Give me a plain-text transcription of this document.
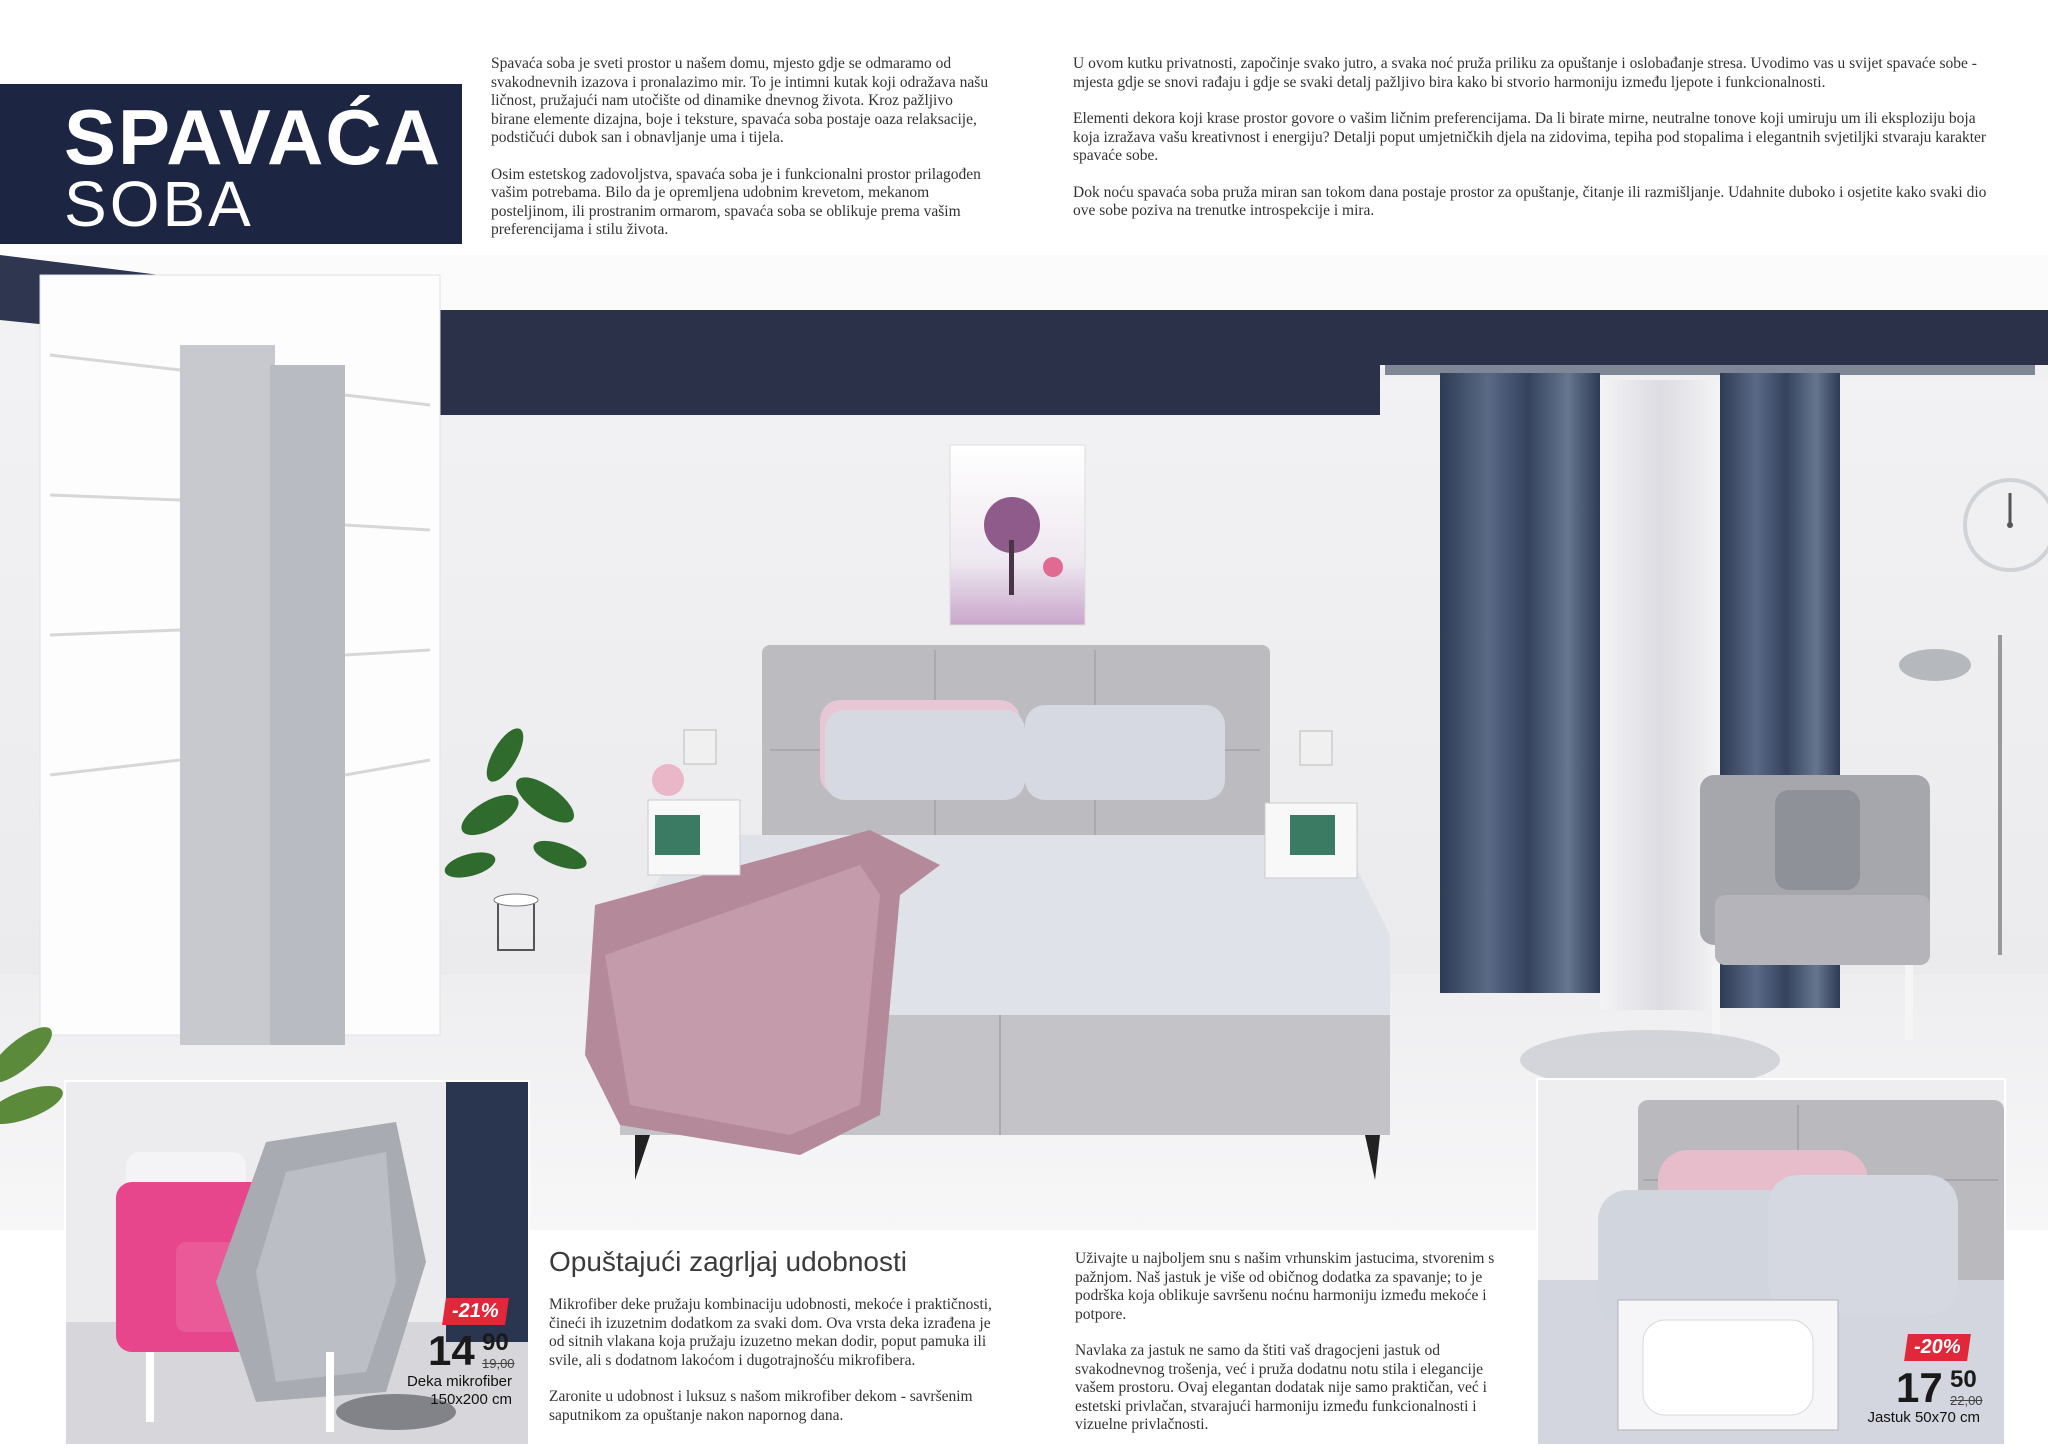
SPAVAĆA
SOBA

Spavaća soba je sveti prostor u našem domu, mjesto gdje se odmaramo od svakodnevnih izazova i pronalazimo mir. To je intimni kutak koji odražava našu ličnost, pružajući nam utočište od dinamike dnevnog života. Kroz pažljivo birane elemente dizajna, boje i teksture, spavaća soba postaje oaza relaksacije, podstičući dubok san i obnavljanje uma i tijela.

Osim estetskog zadovoljstva, spavaća soba je i funkcionalni prostor prilagođen vašim potrebama. Bilo da je opremljena udobnim krevetom, mekanom posteljinom, ili prostranim ormarom, spavaća soba se oblikuje prema vašim preferencijama i stilu života.

U ovom kutku privatnosti, započinje svako jutro, a svaka noć pruža priliku za opuštanje i oslobađanje stresa. Uvodimo vas u svijet spavaće sobe - mjesta gdje se snovi rađaju i gdje se svaki detalj pažljivo bira kako bi stvorio harmoniju između ljepote i funkcionalnosti.

Elementi dekora koji krase prostor govore o vašim ličnim preferencijama. Da li birate mirne, neutralne tonove koji umiruju um ili eksploziju boja koja izražava vašu kreativnost i energiju? Detalji poput umjetničkih djela na zidovima, tepiha pod stopalima i elegantnih svjetiljki stvaraju karakter spavaće sobe.

Dok noću spavaća soba pruža miran san tokom dana postaje prostor za opuštanje, čitanje ili razmišljanje. Udahnite duboko i osjetite kako svaki dio ove sobe poziva na trenutke introspekcije i mira.

-21%
14 90
19,00
Deka mikrofiber
150x200 cm
-20%
17 50
22,00
Jastuk 50x70 cm
Opuštajući zagrljaj udobnosti

Mikrofiber deke pružaju kombinaciju udobnosti, mekoće i praktičnosti, čineći ih izuzetnim dodatkom za svaki dom. Ova vrsta deka izrađena je od sitnih vlakana koja pružaju izuzetno mekan dodir, poput pamuka ili svile, ali s dodatnom lakoćom i dugotrajnošću mikrofibera.

Zaronite u udobnost i luksuz s našom mikrofiber dekom - savršenim saputnikom za opuštanje nakon napornog dana.

Uživajte u najboljem snu s našim vrhunskim jastucima, stvorenim s pažnjom. Naš jastuk je više od običnog dodatka za spavanje; to je podrška koja oblikuje savršenu noćnu harmoniju između mekoće i potpore.

Navlaka za jastuk ne samo da štiti vaš dragocjeni jastuk od svakodnevnog trošenja, već i pruža dodatnu notu stila i elegancije vašem prostoru. Ovaj elegantan dodatak nije samo praktičan, već i estetski privlačan, stvarajući harmoniju između funkcionalnosti i vizuelne privlačnosti.
